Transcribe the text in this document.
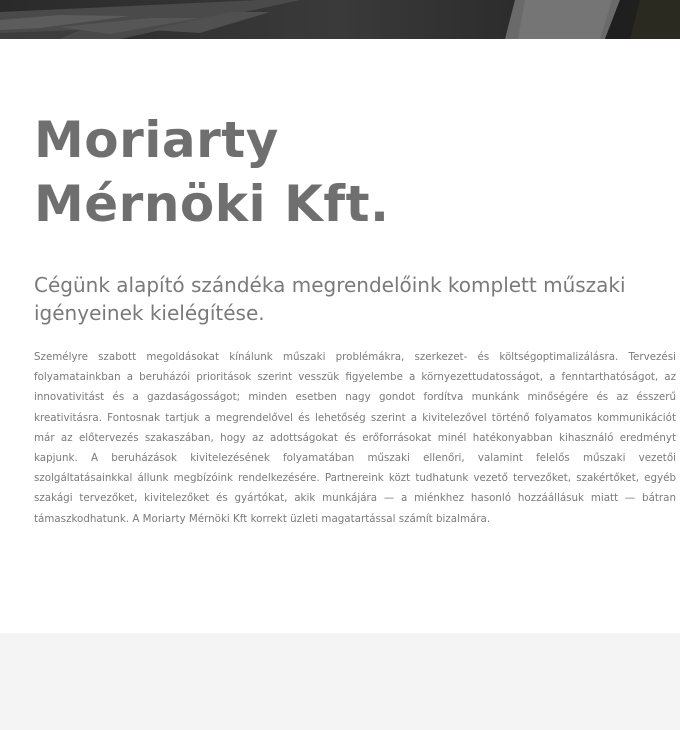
Moriarty
Mérnöki Kft.
Cégünk alapító szándéka megrendelőink komplett műszaki igényeinek kielégítése.

Személyre szabott megoldásokat kínálunk műszaki problémákra, szerkezet- és költségoptimalizálásra. Tervezési folyamatainkban a beruházói prioritások szerint vesszük figyelembe a környezettudatosságot, a fenntarthatóságot, az innovativitást és a gazdaságosságot; minden esetben nagy gondot fordítva munkánk minőségére és az ésszerű kreativitásra. Fontosnak tartjuk a megrendelővel és lehetőség szerint a kivitelezővel történő folyamatos kommunikációt már az előtervezés szakaszában, hogy az adottságokat és erőforrásokat minél hatékonyabban kihasználó eredményt kapjunk. A beruházások kivitelezésének folyamatában műszaki ellenőri, valamint felelős műszaki vezetői szolgáltatásainkkal állunk megbízóink rendelkezésére. Partnereink közt tudhatunk vezető tervezőket, szakértőket, egyéb szakági tervezőket, kivitelezőket és gyártókat, akik munkájára — a miénkhez hasonló hozzáállásuk miatt — bátran támaszkodhatunk. A Moriarty Mérnöki Kft korrekt üzleti magatartással számít bizalmára.
